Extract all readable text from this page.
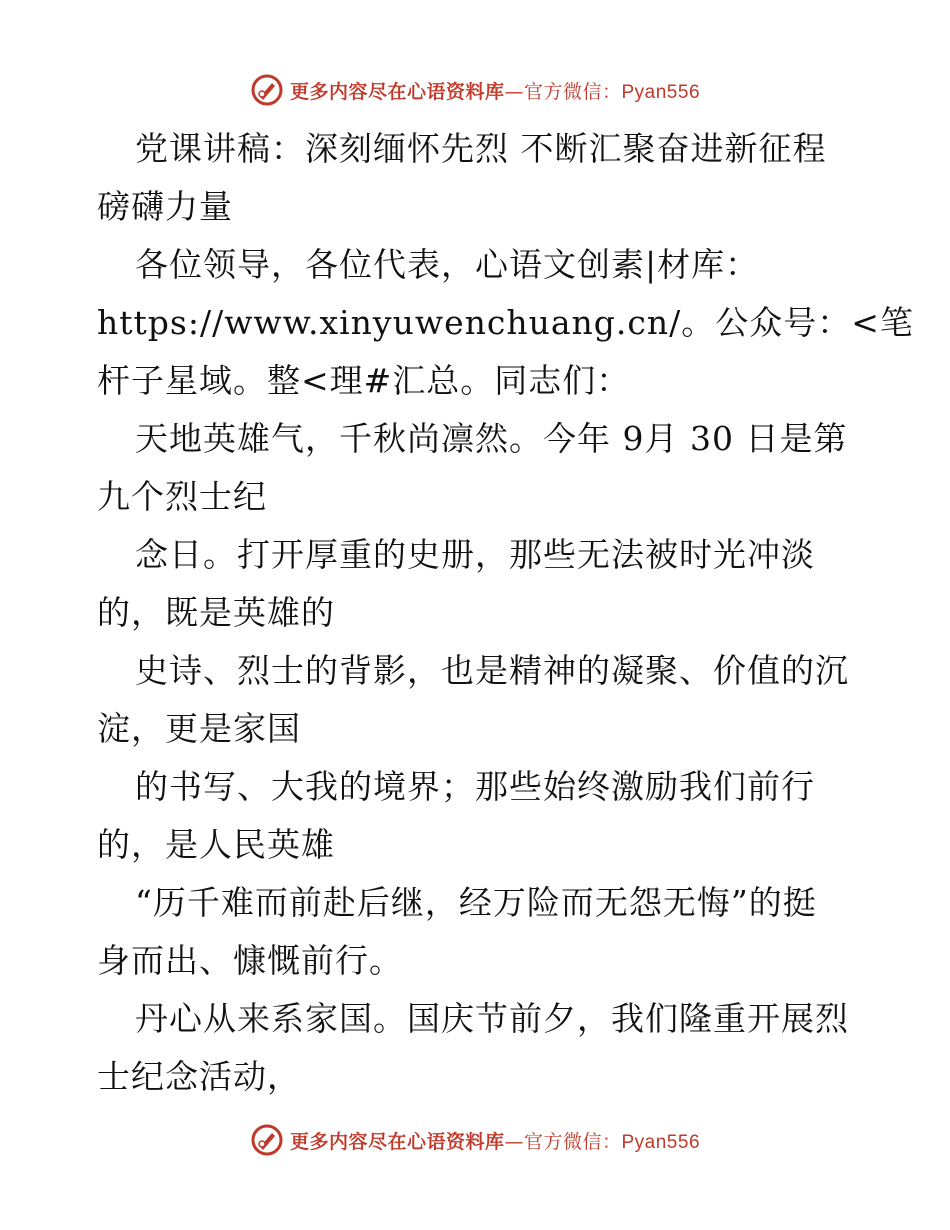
更多内容尽在心语资料库—官方微信：Pyan556
党课讲稿：深刻缅怀先烈 不断汇聚奋进新征程
磅礴力量
各位领导，各位代表，心语文创素|材库：
https://www.xinyuwenchuang.cn/。公众号：<笔
杆子星域。整<理#汇总。同志们：
天地英雄气，千秋尚凛然。今年 9月 30 日是第
九个烈士纪
念日。打开厚重的史册，那些无法被时光冲淡
的，既是英雄的
史诗、烈士的背影，也是精神的凝聚、价值的沉
淀，更是家国
的书写、大我的境界；那些始终激励我们前行
的，是人民英雄
“历千难而前赴后继，经万险而无怨无悔”的挺
身而出、慷慨前行。
丹心从来系家国。国庆节前夕，我们隆重开展烈
士纪念活动，
更多内容尽在心语资料库—官方微信：Pyan556
